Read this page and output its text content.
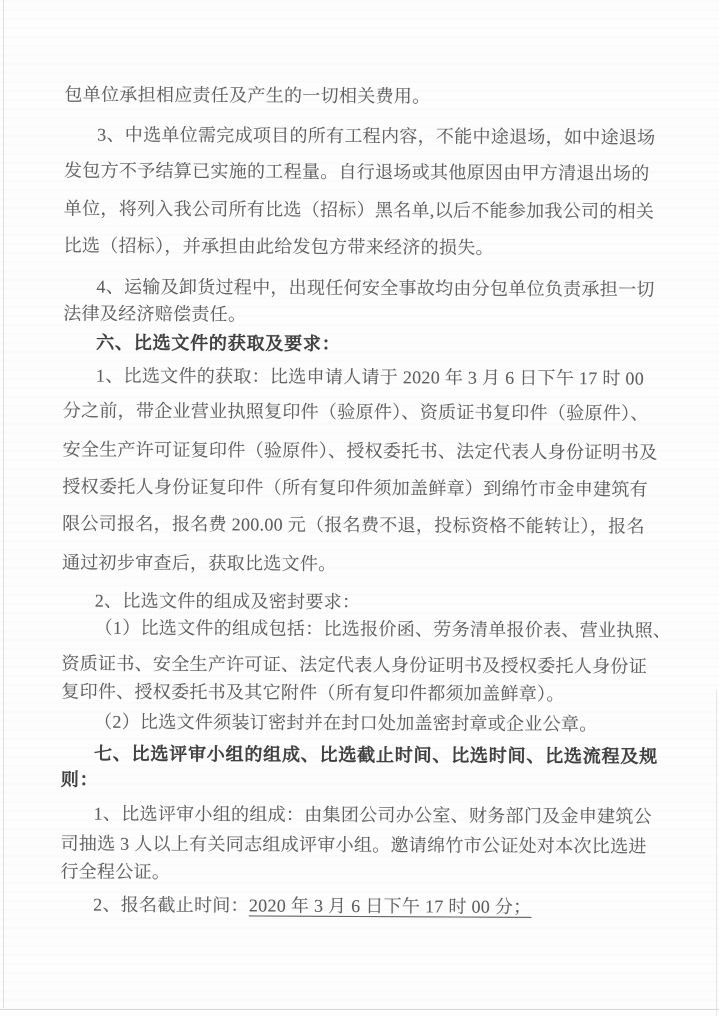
包单位承担相应责任及产生的一切相关费用。
3、中选单位需完成项目的所有工程内容，不能中途退场，如中途退场
发包方不予结算已实施的工程量。自行退场或其他原因由甲方清退出场的
单位，将列入我公司所有比选（招标）黑名单,以后不能参加我公司的相关
比选（招标），并承担由此给发包方带来经济的损失。
4、运输及卸货过程中，出现任何安全事故均由分包单位负责承担一切
法律及经济赔偿责任。
六、比选文件的获取及要求：
1、比选文件的获取：比选申请人请于 2020 年 3 月 6 日下午 17 时 00
分之前，带企业营业执照复印件（验原件）、资质证书复印件（验原件）、
安全生产许可证复印件（验原件）、授权委托书、法定代表人身份证明书及
授权委托人身份证复印件（所有复印件须加盖鲜章）到绵竹市金申建筑有
限公司报名，报名费 200.00 元（报名费不退，投标资格不能转让），报名
通过初步审查后，获取比选文件。
2、比选文件的组成及密封要求：
（1）比选文件的组成包括：比选报价函、劳务清单报价表、营业执照、
资质证书、安全生产许可证、法定代表人身份证明书及授权委托人身份证
复印件、授权委托书及其它附件（所有复印件都须加盖鲜章）。
（2）比选文件须装订密封并在封口处加盖密封章或企业公章。
七、比选评审小组的组成、比选截止时间、比选时间、比选流程及规
则：
1、比选评审小组的组成：由集团公司办公室、财务部门及金申建筑公
司抽选 3 人以上有关同志组成评审小组。邀请绵竹市公证处对本次比选进
行全程公证。
2、报名截止时间：2020 年 3 月 6 日下午 17 时 00 分；
